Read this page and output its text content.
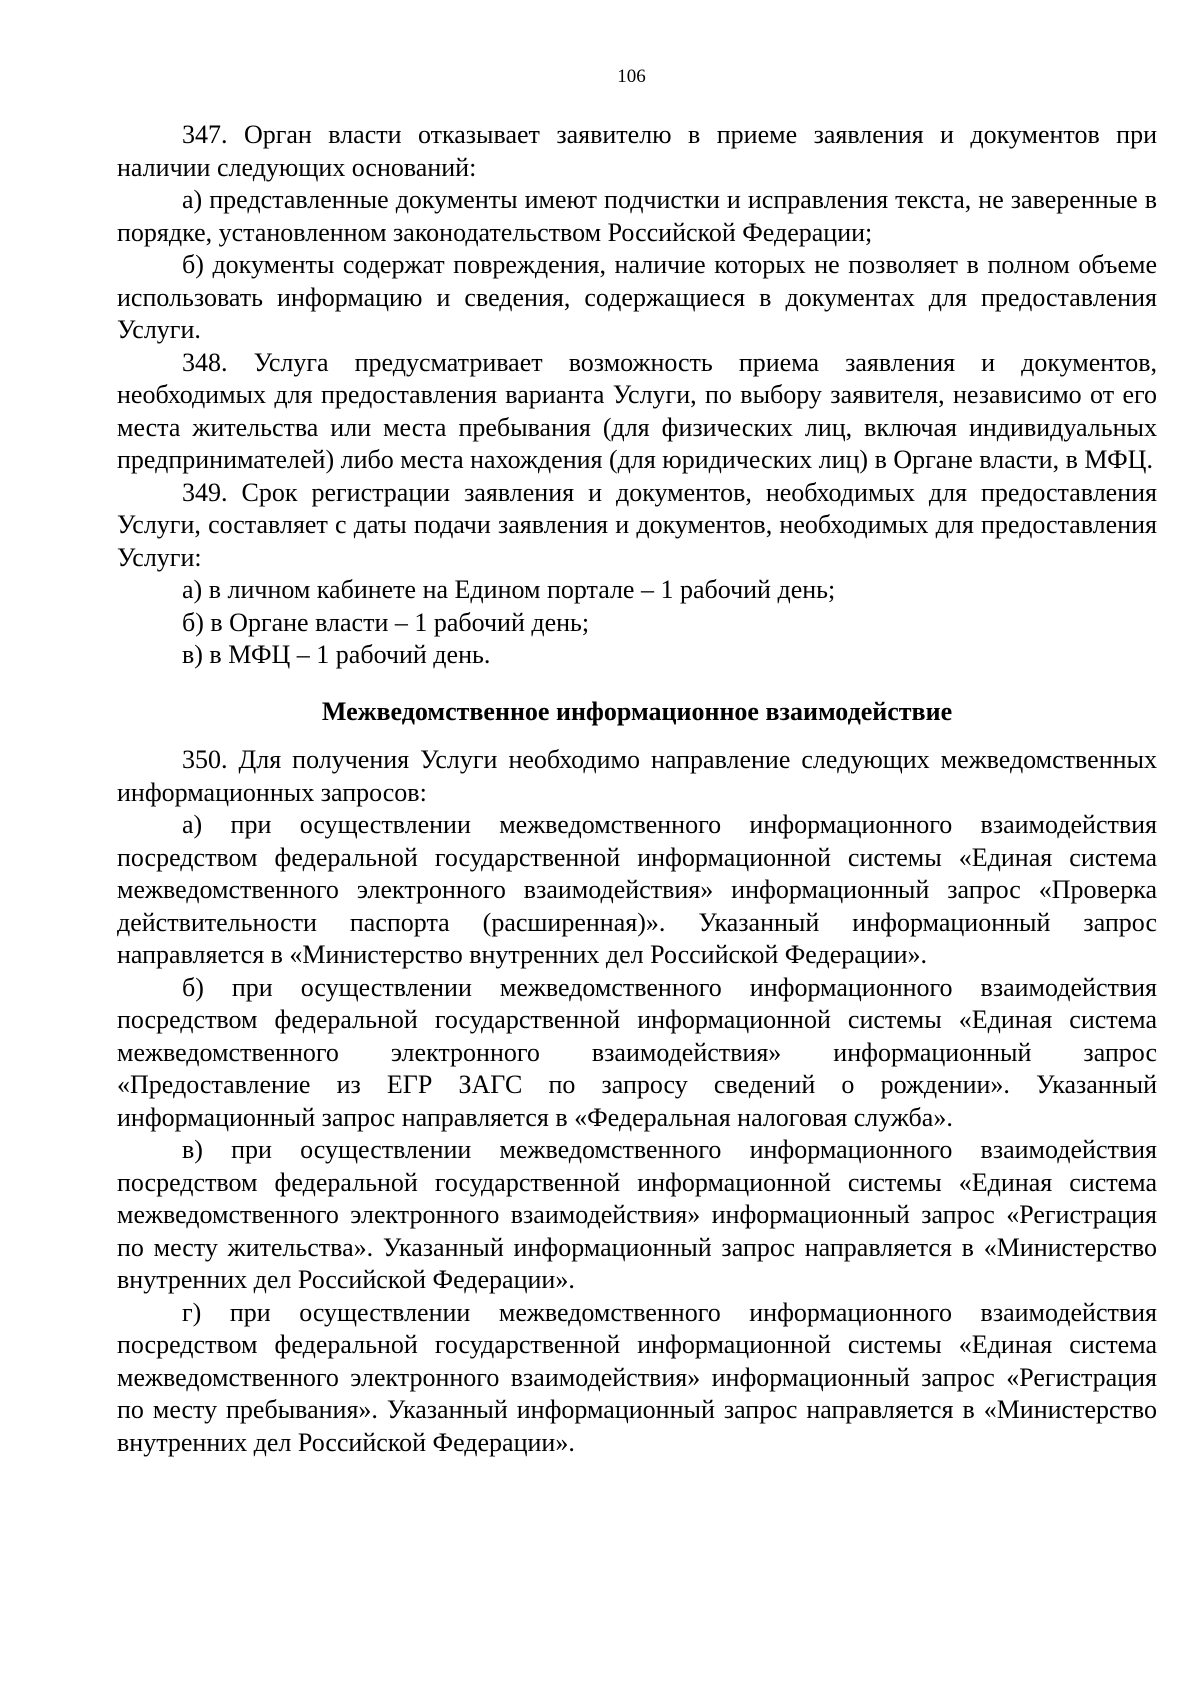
106

347. Орган власти отказывает заявителю в приеме заявления и документов при наличии следующих оснований:

а) представленные документы имеют подчистки и исправления текста, не заверенные в порядке, установленном законодательством Российской Федерации;

б) документы содержат повреждения, наличие которых не позволяет в полном объеме использовать информацию и сведения, содержащиеся в документах для предоставления Услуги.

348. Услуга предусматривает возможность приема заявления и документов, необходимых для предоставления варианта Услуги, по выбору заявителя, независимо от его места жительства или места пребывания (для физических лиц, включая индивидуальных предпринимателей) либо места нахождения (для юридических лиц) в Органе власти, в МФЦ.

349. Срок регистрации заявления и документов, необходимых для предоставления Услуги, составляет с даты подачи заявления и документов, необходимых для предоставления Услуги:

а) в личном кабинете на Едином портале – 1 рабочий день;

б) в Органе власти – 1 рабочий день;

в) в МФЦ – 1 рабочий день.

Межведомственное информационное взаимодействие

350. Для получения Услуги необходимо направление следующих межведомственных информационных запросов:

а) при осуществлении межведомственного информационного взаимодействия посредством федеральной государственной информационной системы «Единая система межведомственного электронного взаимодействия» информационный запрос «Проверка действительности паспорта (расширенная)». Указанный информационный запрос направляется в «Министерство внутренних дел Российской Федерации».

б) при осуществлении межведомственного информационного взаимодействия посредством федеральной государственной информационной системы «Единая система межведомственного электронного взаимодействия» информационный запрос «Предоставление из ЕГР ЗАГС по запросу сведений о рождении». Указанный информационный запрос направляется в «Федеральная налоговая служба».

в) при осуществлении межведомственного информационного взаимодействия посредством федеральной государственной информационной системы «Единая система межведомственного электронного взаимодействия» информационный запрос «Регистрация по месту жительства». Указанный информационный запрос направляется в «Министерство внутренних дел Российской Федерации».

г) при осуществлении межведомственного информационного взаимодействия посредством федеральной государственной информационной системы «Единая система межведомственного электронного взаимодействия» информационный запрос «Регистрация по месту пребывания». Указанный информационный запрос направляется в «Министерство внутренних дел Российской Федерации».
